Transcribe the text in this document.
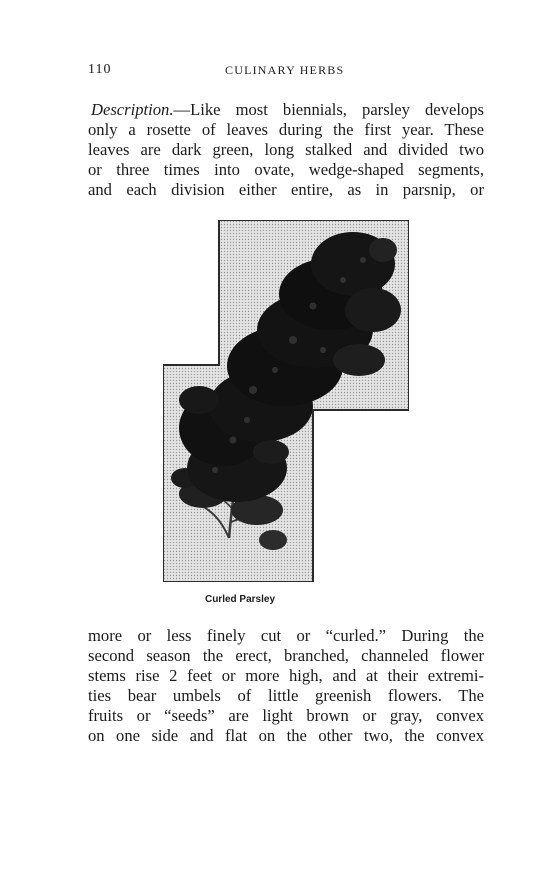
110	CULINARY HERBS
Description.—Like most biennials, parsley develops
only a rosette of leaves during the first year. These
leaves are dark green, long stalked and divided two
or three times into ovate, wedge-shaped segments,
and each division either entire, as in parsnip, or
Curled Parsley
more or less finely cut or “curled.” During the
second season the erect, branched, channeled flower
stems rise 2 feet or more high, and at their extremi-
ties bear umbels of little greenish flowers. The
fruits or “seeds” are light brown or gray, convex
on one side and flat on the other two, the convex
